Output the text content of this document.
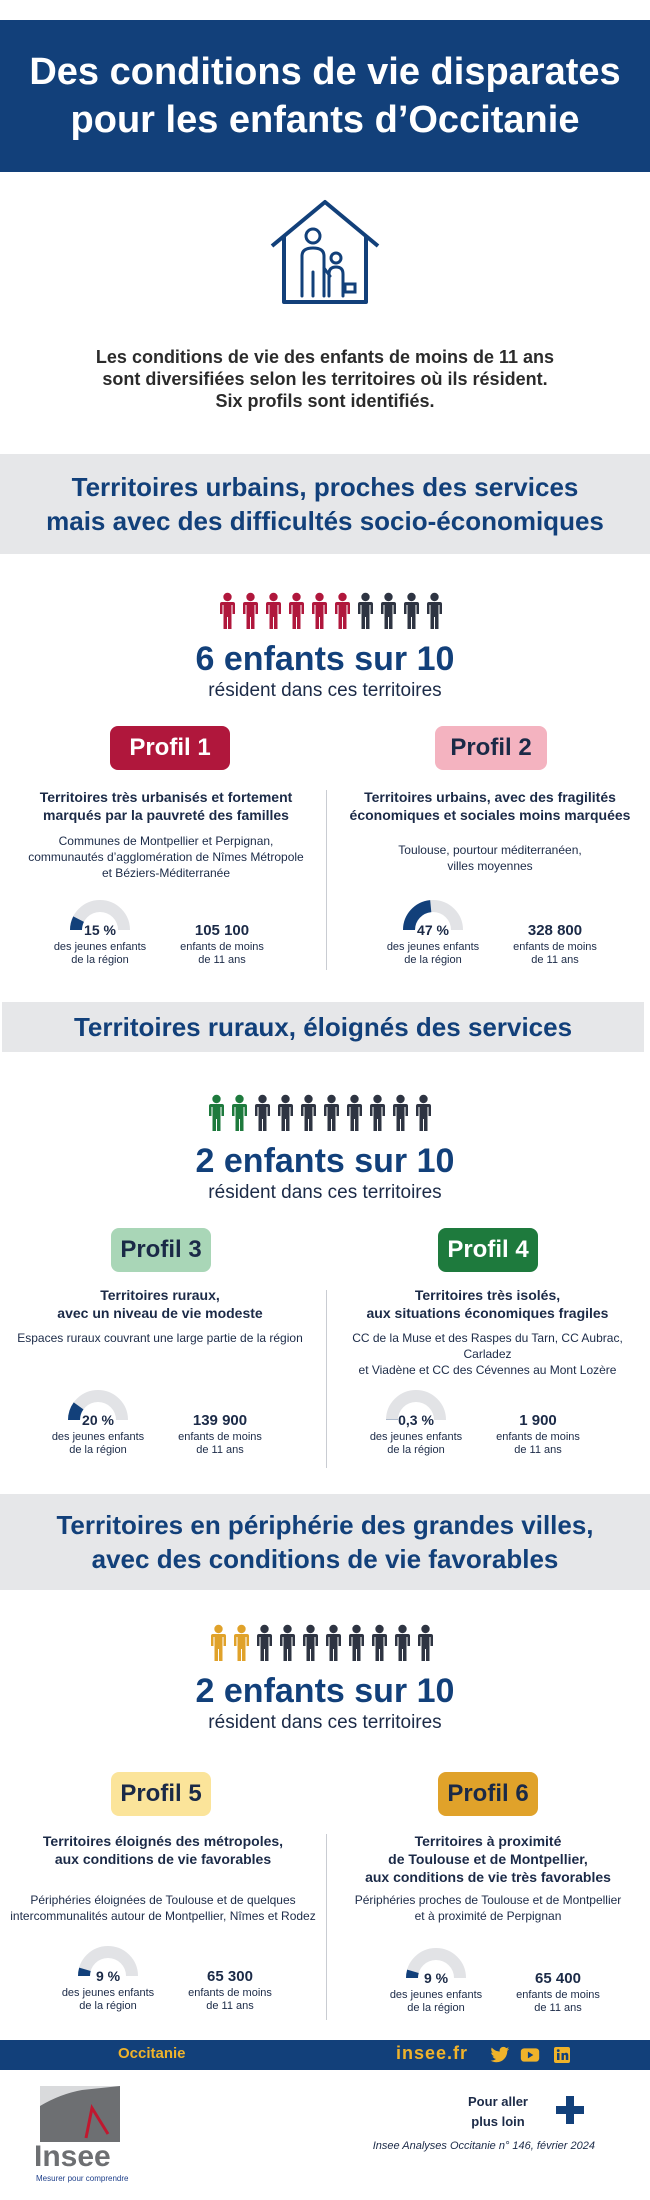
Des conditions de vie disparates
pour les enfants d’Occitanie
Les conditions de vie des enfants de moins de 11 ans
sont diversifiées selon les territoires où ils résident.
Six profils sont identifiés.
Territoires urbains, proches des services
mais avec des difficultés socio-économiques
6 enfants sur 10
résident dans ces territoires
Profil 1	Profil 2
Territoires très urbanisés et fortement
marqués par la pauvreté des familles
Communes de Montpellier et Perpignan,
communautés d’agglomération de Nîmes Métropole
et Béziers-Méditerranée
Territoires urbains, avec des fragilités
économiques et sociales moins marquées
Toulouse, pourtour méditerranéen,
villes moyennes
15 %
des jeunes enfants
de la région
105 100
enfants de moins
de 11 ans
47 %
des jeunes enfants
de la région
328 800
enfants de moins
de 11 ans
Territoires ruraux, éloignés des services
2 enfants sur 10
résident dans ces territoires
Profil 3	Profil 4
Territoires ruraux,
avec un niveau de vie modeste
Espaces ruraux couvrant une large partie de la région
Territoires très isolés,
aux situations économiques fragiles
CC de la Muse et des Raspes du Tarn, CC Aubrac, Carladez
et Viadène et CC des Cévennes au Mont Lozère
20 %
des jeunes enfants
de la région
139 900
enfants de moins
de 11 ans
0,3 %
des jeunes enfants
de la région
1 900
enfants de moins
de 11 ans
Territoires en périphérie des grandes villes,
avec des conditions de vie favorables
2 enfants sur 10
résident dans ces territoires
Profil 5	Profil 6
Territoires éloignés des métropoles,
aux conditions de vie favorables
Périphéries éloignées de Toulouse et de quelques
intercommunalités autour de Montpellier, Nîmes et Rodez
Territoires à proximité
de Toulouse et de Montpellier,
aux conditions de vie très favorables
Périphéries proches de Toulouse et de Montpellier
et à proximité de Perpignan
9 %
des jeunes enfants
de la région
65 300
enfants de moins
de 11 ans
9 %
des jeunes enfants
de la région
65 400
enfants de moins
de 11 ans
Occitanie	insee.fr
Insee
Mesurer pour comprendre
Pour aller
plus loin
Insee Analyses Occitanie n° 146, février 2024
